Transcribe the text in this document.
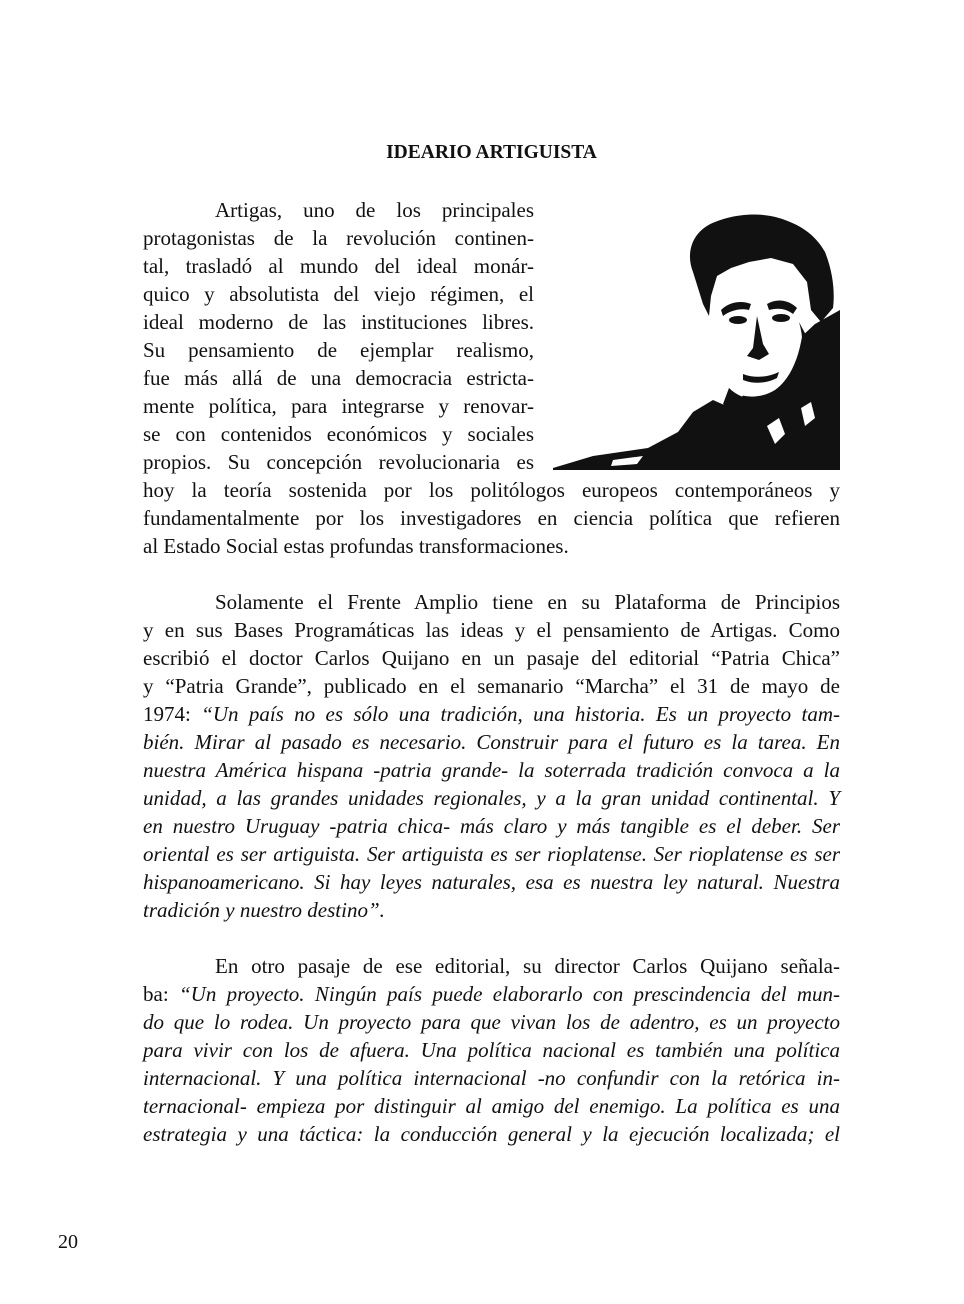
IDEARIO ARTIGUISTA

Artigas, uno de los principales

protagonistas de la revolución continen-

tal, trasladó al mundo del ideal monár-

quico y absolutista del viejo régimen, el

ideal moderno de las instituciones libres.

Su pensamiento de ejemplar realismo,

fue más allá de una democracia estricta-

mente política, para integrarse y renovar-

se con contenidos económicos y sociales

propios. Su concepción revolucionaria es

hoy la teoría sostenida por los politólogos europeos contemporáneos y

fundamentalmente por los investigadores en ciencia política que refieren

al Estado Social estas profundas transformaciones.

Solamente el Frente Amplio tiene en su Plataforma de Principios

y en sus Bases Programáticas las ideas y el pensamiento de Artigas. Como

escribió el doctor Carlos Quijano en un pasaje del editorial “Patria Chica”

y “Patria Grande”, publicado en el semanario “Marcha” el 31 de mayo de

1974: “Un país no es sólo una tradición, una historia. Es un proyecto tam-

bién. Mirar al pasado es necesario. Construir para el futuro es la tarea. En

nuestra América hispana -patria grande- la soterrada tradición convoca a la

unidad, a las grandes unidades regionales, y a la gran unidad continental. Y

en nuestro Uruguay -patria chica- más claro y más tangible es el deber. Ser

oriental es ser artiguista. Ser artiguista es ser rioplatense. Ser rioplatense es ser

hispanoamericano. Si hay leyes naturales, esa es nuestra ley natural. Nuestra

tradición y nuestro destino”.

En otro pasaje de ese editorial, su director Carlos Quijano señala-

ba: “Un proyecto. Ningún país puede elaborarlo con prescindencia del mun-

do que lo rodea. Un proyecto para que vivan los de adentro, es un proyecto

para vivir con los de afuera. Una política nacional es también una política

internacional. Y una política internacional -no confundir con la retórica in-

ternacional- empieza por distinguir al amigo del enemigo. La política es una

estrategia y una táctica: la conducción general y la ejecución localizada; el

20
